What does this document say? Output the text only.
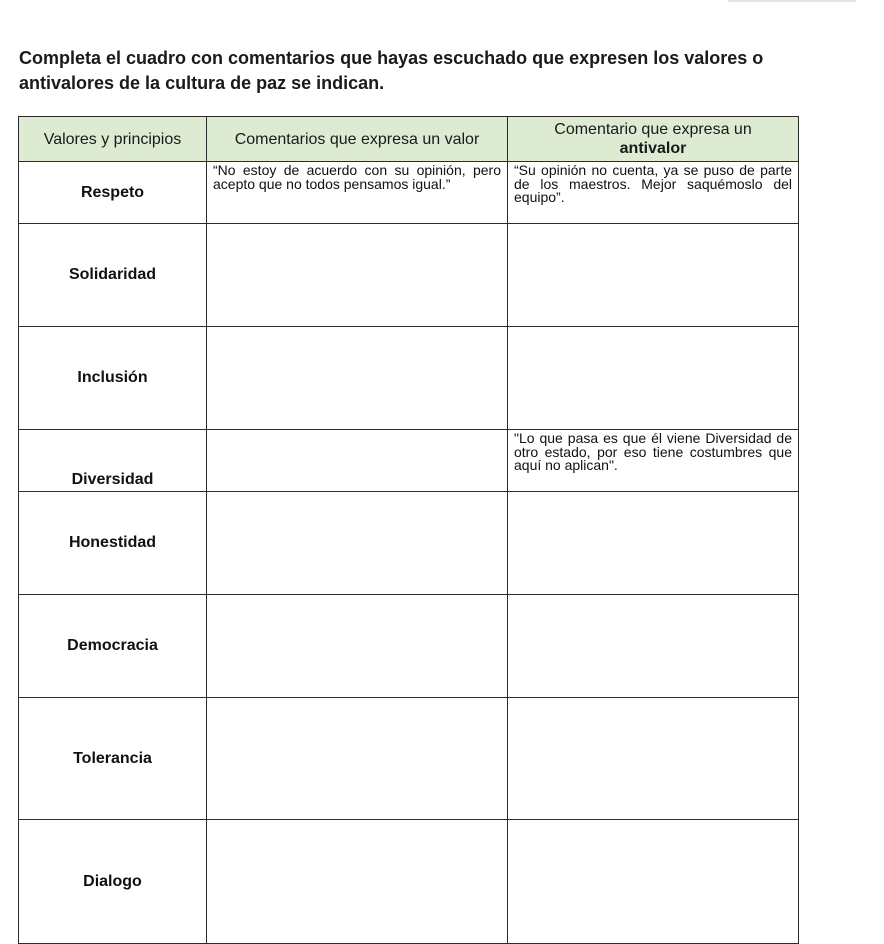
Completa el cuadro con comentarios que hayas escuchado que expresen los valores o antivalores de la cultura de paz se indican.

Valores y principios	Comentarios que expresa un valor	Comentario que expresa un
antivalor
Respeto	“No estoy de acuerdo con su opinión, pero acepto que no todos pensamos igual.”	“Su opinión no cuenta, ya se puso de parte de los maestros. Mejor saquémoslo del equipo”.
Solidaridad		
Inclusión		
Diversidad		"Lo que pasa es que él viene Diversidad de otro estado, por eso tiene costumbres que aquí no aplican".
Honestidad		
Democracia		
Tolerancia		
Dialogo		
